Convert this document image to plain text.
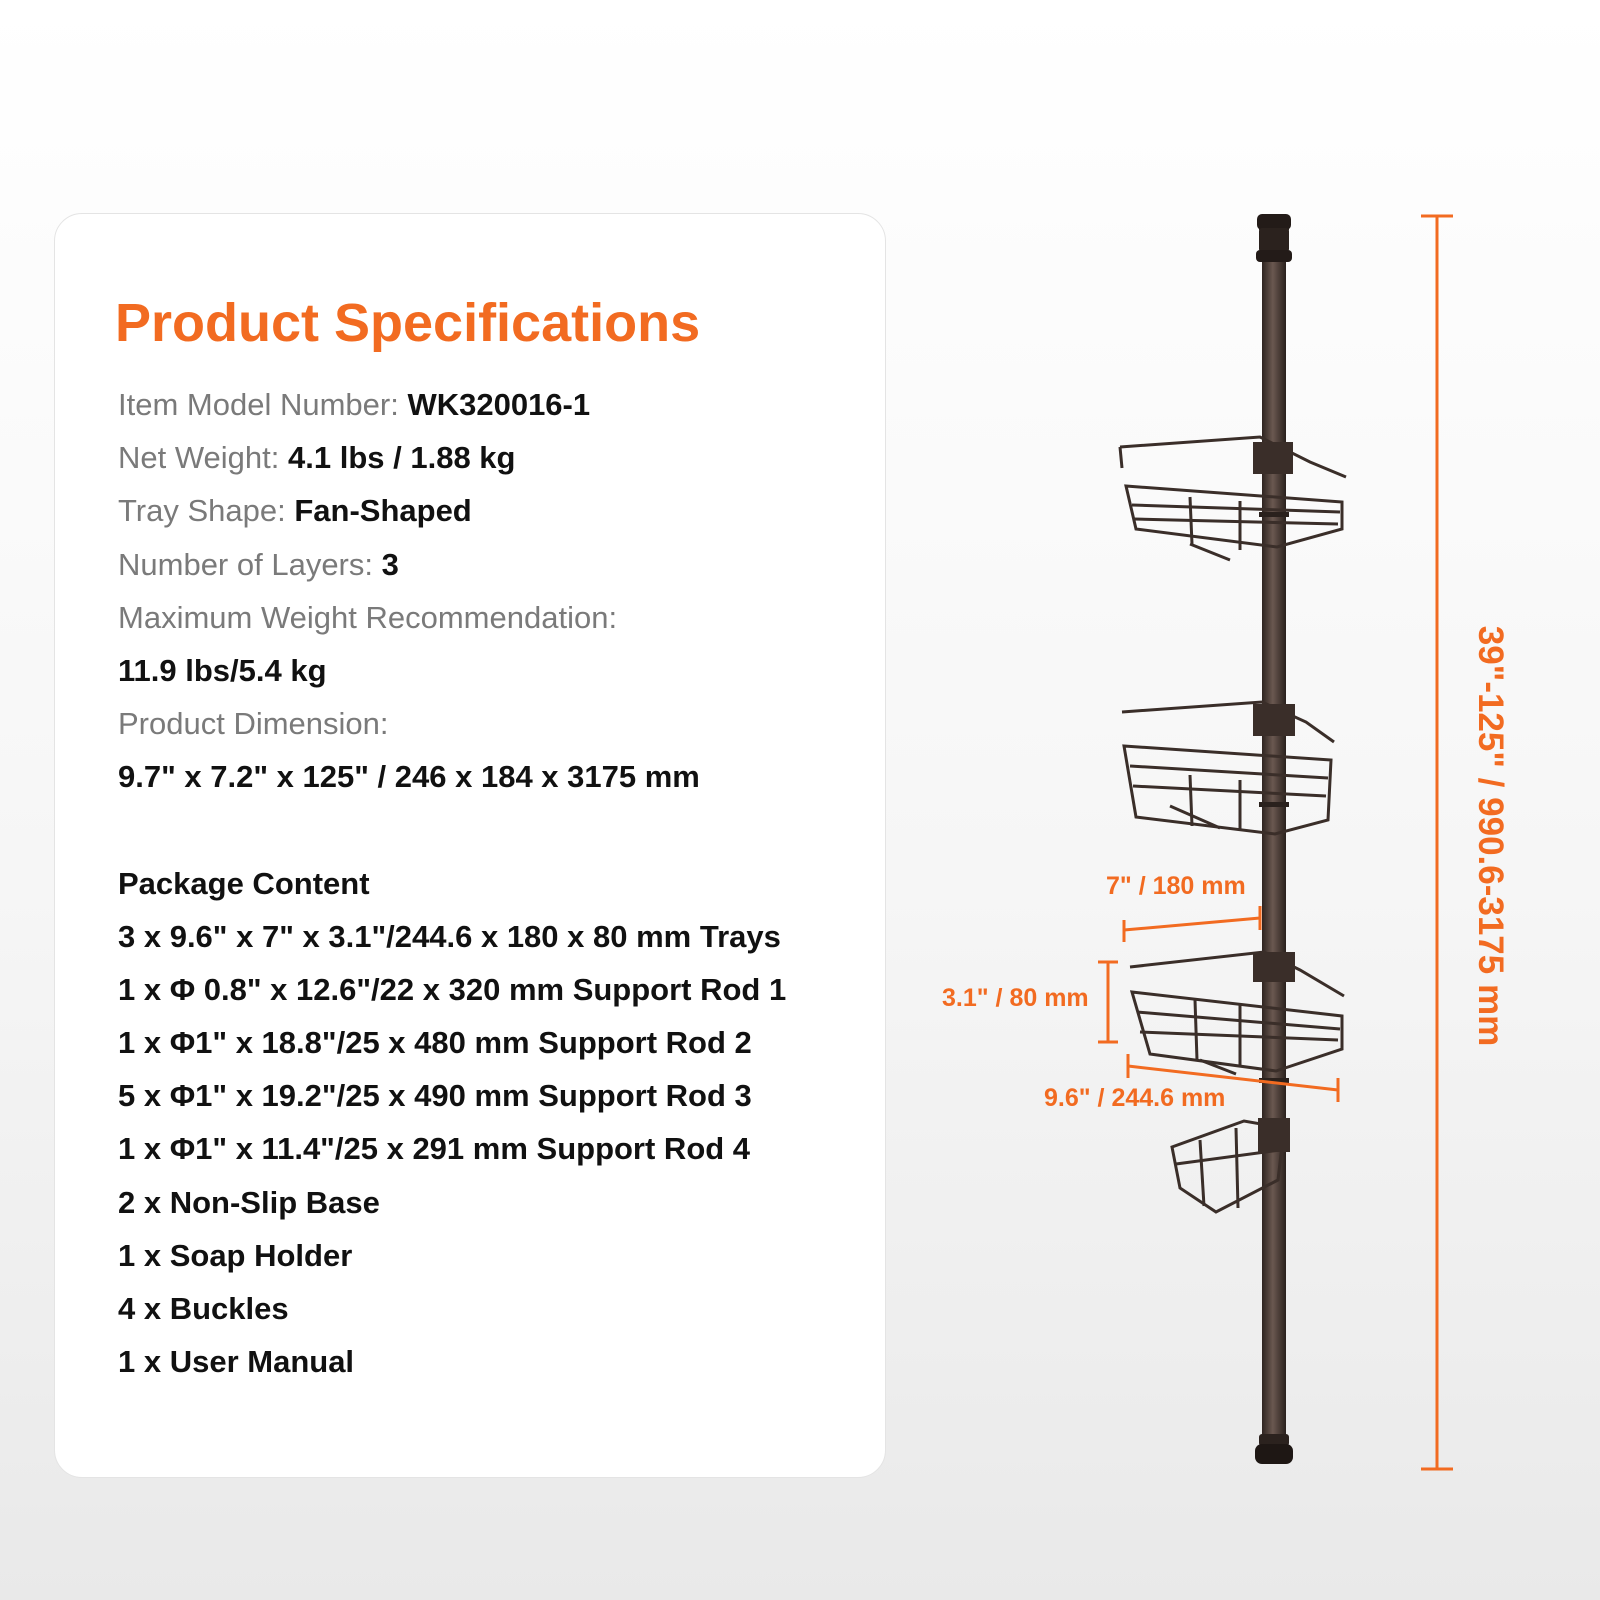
Product Specifications
Item Model Number: WK320016-1
Net Weight: 4.1 lbs / 1.88 kg
Tray Shape: Fan-Shaped
Number of Layers: 3
Maximum Weight Recommendation:
11.9 lbs/5.4 kg
Product Dimension:
9.7" x 7.2" x 125" / 246 x 184 x 3175 mm
Package Content
3 x 9.6" x 7" x 3.1"/244.6 x 180 x 80 mm Trays
1 x Φ 0.8" x 12.6"/22 x 320 mm Support Rod 1
1 x Φ1" x 18.8"/25 x 480 mm Support Rod 2
5 x Φ1" x 19.2"/25 x 490 mm Support Rod 3
1 x Φ1" x 11.4"/25 x 291 mm Support Rod 4
2 x Non-Slip Base
1 x Soap Holder
4 x Buckles
1 x User Manual
39"-125" / 990.6-3175 mm
7" / 180 mm
3.1" / 80 mm
9.6" / 244.6 mm
